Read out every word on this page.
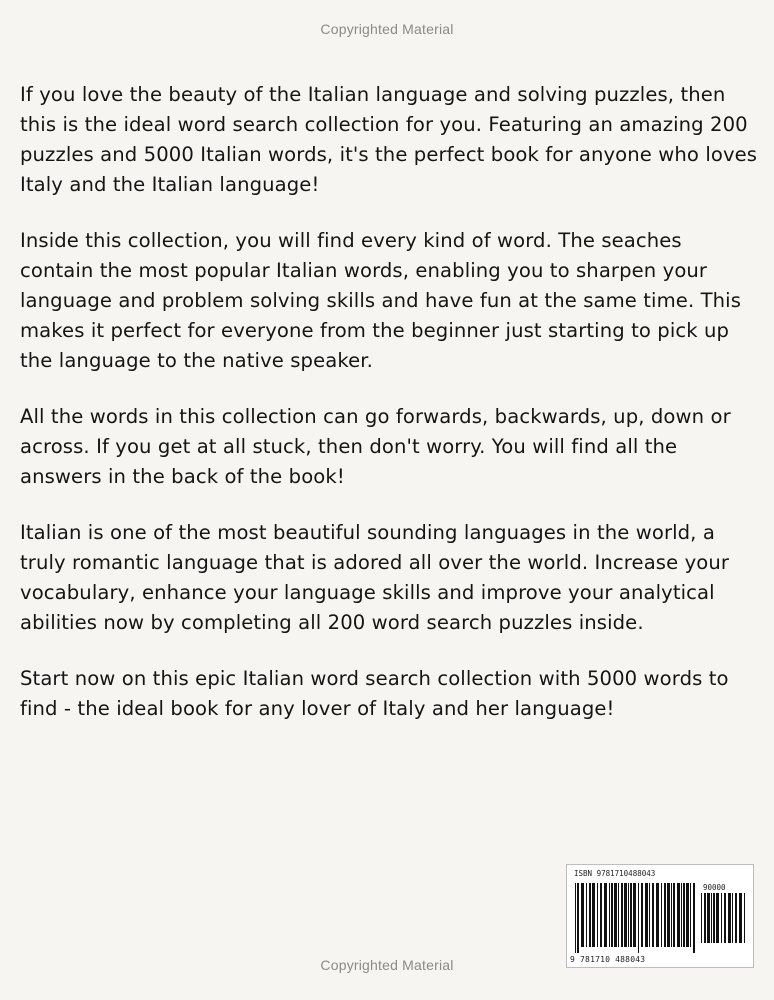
Copyrighted Material

If you love the beauty of the Italian language and solving puzzles, then this is the ideal word search collection for you. Featuring an amazing 200 puzzles and 5000 Italian words, it's the perfect book for anyone who loves Italy and the Italian language!

Inside this collection, you will find every kind of word. The seaches contain the most popular Italian words, enabling you to sharpen your language and problem solving skills and have fun at the same time. This makes it perfect for everyone from the beginner just starting to pick up the language to the native speaker.

All the words in this collection can go forwards, backwards, up, down or across. If you get at all stuck, then don't worry. You will find all the answers in the back of the book!

Italian is one of the most beautiful sounding languages in the world, a truly romantic language that is adored all over the world. Increase your vocabulary, enhance your language skills and improve your analytical abilities now by completing all 200 word search puzzles inside.

Start now on this epic Italian word search collection with 5000 words to find - the ideal book for any lover of Italy and her language!

ISBN 9781710488043
90000
9 781710 488043
Copyrighted Material
